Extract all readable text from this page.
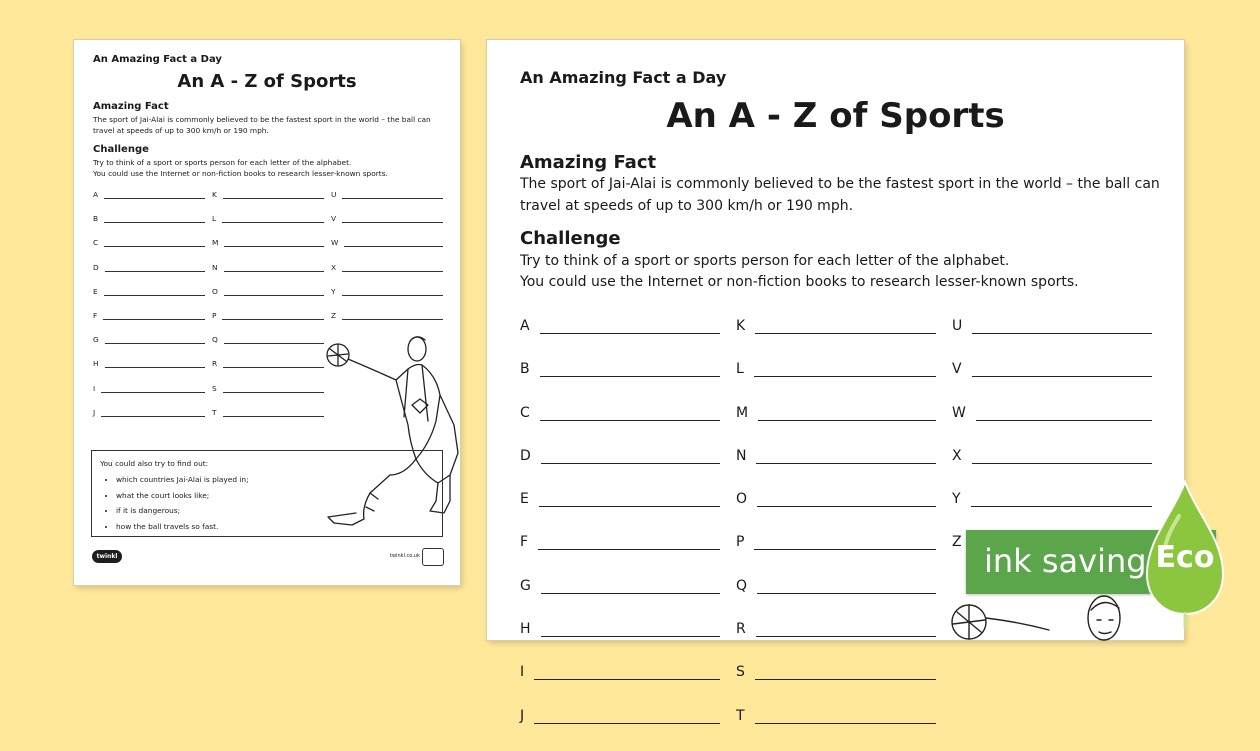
An Amazing Fact a Day
An A - Z of Sports
Amazing Fact
The sport of Jai-Alai is commonly believed to be the fastest sport in the world – the ball can travel at speeds of up to 300 km/h or 190 mph.
Challenge
Try to think of a sport or sports person for each letter of the alphabet.
You could use the Internet or non-fiction books to research lesser-known sports.
A
B
C
D
E
F
G
H
I
J
K
L
M
N
O
P
Q
R
S
T
U
V
W
X
Y
Z
You could also try to find out:
• which countries Jai-Alai is played in;
• what the court looks like;
• if it is dangerous;
• how the ball travels so fast.
twinkl	twinkl.co.uk
An Amazing Fact a Day
An A - Z of Sports
Amazing Fact
The sport of Jai-Alai is commonly believed to be the fastest sport in the world – the ball can travel at speeds of up to 300 km/h or 190 mph.
Challenge
Try to think of a sport or sports person for each letter of the alphabet.
You could use the Internet or non-fiction books to research lesser-known sports.
A
B
C
D
E
F
G
H
I
J
K
L
M
N
O
P
Q
R
S
T
U
V
W
X
Y
Z ink saving Eco
